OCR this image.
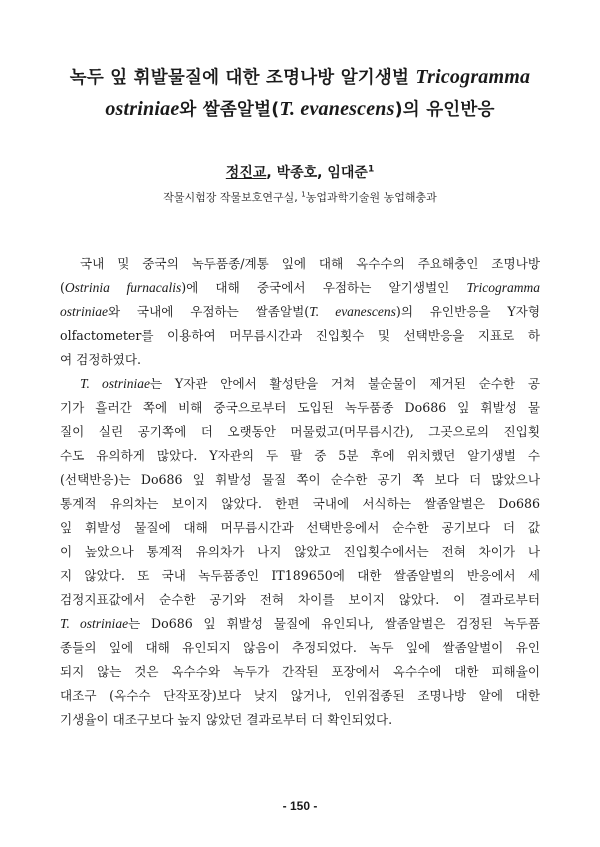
녹두 잎 휘발물질에 대한 조명나방 알기생벌 Tricogramma
ostriniae와 쌀좀알벌(T. evanescens)의 유인반응
정진교, 박종호, 임대준$^1$
작물시험장 작물보호연구실, $^1$농업과학기술원 농업해충과
국내 및 중국의 녹두품종/계통 잎에 대해 옥수수의 주요해충인 조명나방
(Ostrinia furnacalis)에 대해 중국에서 우점하는 알기생벌인 Tricogramma
ostriniae와 국내에 우점하는 쌀좀알벌(T. evanescens)의 유인반응을 Y자형
olfactometer를 이용하여 머무름시간과 진입횟수 및 선택반응을 지표로 하
여 검정하였다.
T. ostriniae는 Y자관 안에서 활성탄을 거쳐 불순물이 제거된 순수한 공
기가 흘러간 쪽에 비해 중국으로부터 도입된 녹두품종 Do686 잎 휘발성 물
질이 실린 공기쪽에 더 오랫동안 머물렀고(머무름시간), 그곳으로의 진입횟
수도 유의하게 많았다. Y자관의 두 팔 중 5분 후에 위치했던 알기생벌 수
(선택반응)는 Do686 잎 휘발성 물질 쪽이 순수한 공기 쪽 보다 더 많았으나
통계적 유의차는 보이지 않았다. 한편 국내에 서식하는 쌀좀알벌은 Do686
잎 휘발성 물질에 대해 머무름시간과 선택반응에서 순수한 공기보다 더 값
이 높았으나 통계적 유의차가 나지 않았고 진입횟수에서는 전혀 차이가 나
지 않았다. 또 국내 녹두품종인 IT189650에 대한 쌀좀알벌의 반응에서 세
검정지표값에서 순수한 공기와 전혀 차이를 보이지 않았다. 이 결과로부터
T. ostriniae는 Do686 잎 휘발성 물질에 유인되나, 쌀좀알벌은 검정된 녹두품
종들의 잎에 대해 유인되지 않음이 추정되었다. 녹두 잎에 쌀좀알벌이 유인
되지 않는 것은 옥수수와 녹두가 간작된 포장에서 옥수수에 대한 피해율이
대조구 (옥수수 단작포장)보다 낮지 않거나, 인위접종된 조명나방 알에 대한
기생율이 대조구보다 높지 않았던 결과로부터 더 확인되었다.
- 150 -
